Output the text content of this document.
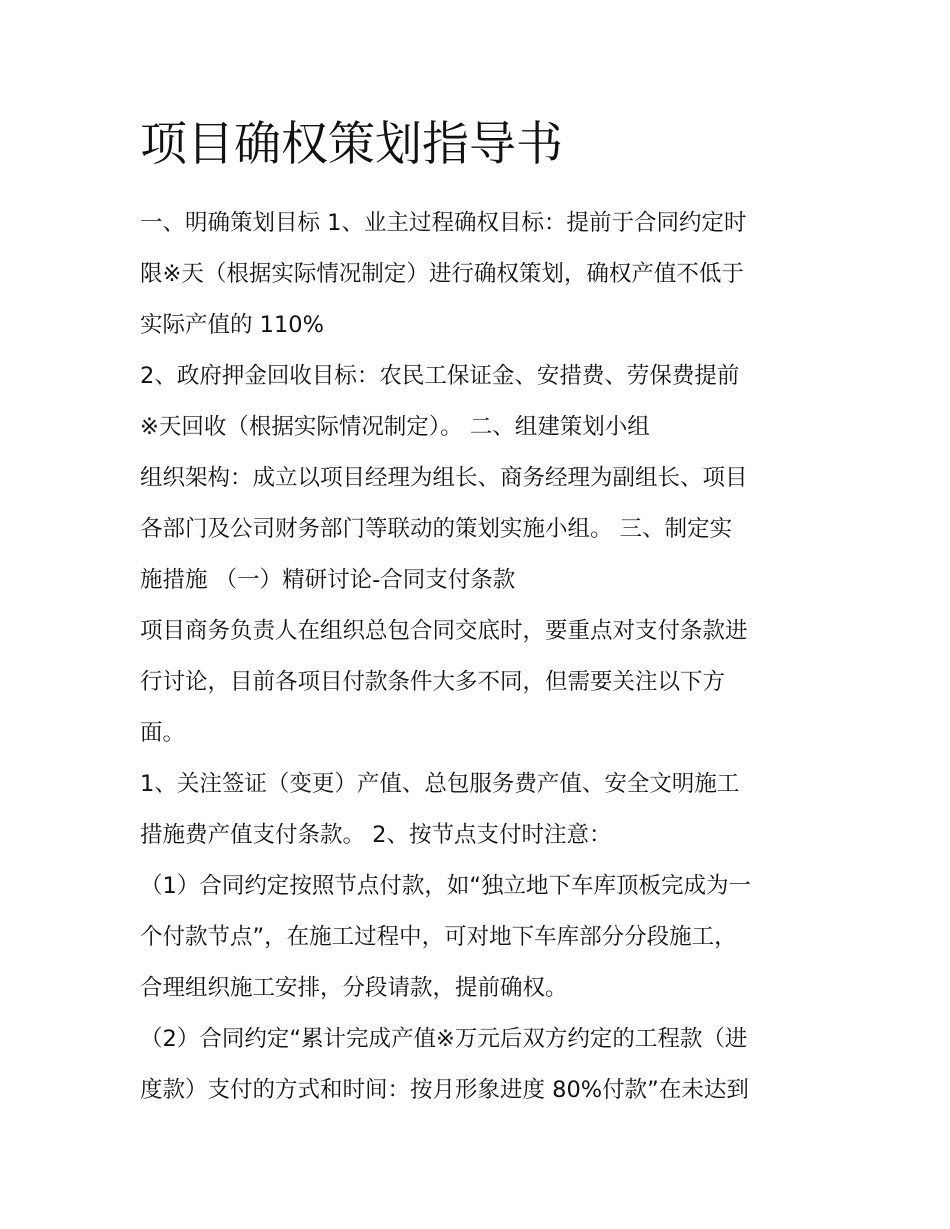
项目确权策划指导书
一、明确策划目标 1、业主过程确权目标：提前于合同约定时
限※天（根据实际情况制定）进行确权策划，确权产值不低于
实际产值的 110%
2、政府押金回收目标：农民工保证金、安措费、劳保费提前
※天回收（根据实际情况制定）。 二、组建策划小组
组织架构：成立以项目经理为组长、商务经理为副组长、项目
各部门及公司财务部门等联动的策划实施小组。 三、制定实
施措施 （一）精研讨论-合同支付条款
项目商务负责人在组织总包合同交底时，要重点对支付条款进
行讨论，目前各项目付款条件大多不同，但需要关注以下方
面。
1、关注签证（变更）产值、总包服务费产值、安全文明施工
措施费产值支付条款。 2、按节点支付时注意：
（1）合同约定按照节点付款，如“独立地下车库顶板完成为一
个付款节点”，在施工过程中，可对地下车库部分分段施工，
合理组织施工安排，分段请款，提前确权。
（2）合同约定“累计完成产值※万元后双方约定的工程款（进
度款）支付的方式和时间：按月形象进度 80%付款”在未达到
